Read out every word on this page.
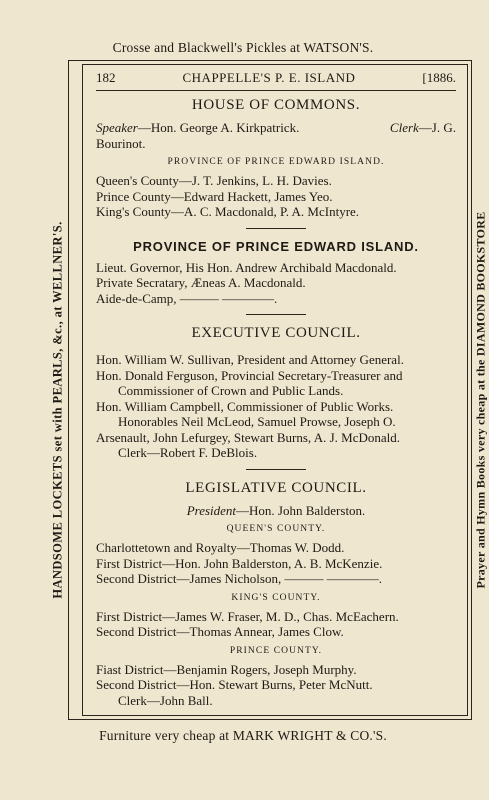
Crosse and Blackwell's Pickles at WATSON'S.
HANDSOME LOCKETS set with PEARLS, &c., at WELLNER'S.	Prayer and Hymn Books very cheap at the DIAMOND BOOKSTORE
182	CHAPPELLE'S P. E. ISLAND	[1886.
HOUSE OF COMMONS.
Speaker—Hon. George A. Kirkpatrick.	Clerk—J. G.
Bourinot.
PROVINCE OF PRINCE EDWARD ISLAND.
Queen's County—J. T. Jenkins, L. H. Davies.
Prince County—Edward Hackett, James Yeo.
King's County—A. C. Macdonald, P. A. McIntyre.
PROVINCE OF PRINCE EDWARD ISLAND.
Lieut. Governor, His Hon. Andrew Archibald Macdonald.
Private Secratary, Æneas A. Macdonald.
Aide-de-Camp, ——— ————.
EXECUTIVE COUNCIL.
Hon. William W. Sullivan, President and Attorney General.
Hon. Donald Ferguson, Provincial Secretary-Treasurer and
Commissioner of Crown and Public Lands.
Hon. William Campbell, Commissioner of Public Works.
Honorables Neil McLeod, Samuel Prowse, Joseph O.
Arsenault, John Lefurgey, Stewart Burns, A. J. McDonald.
Clerk—Robert F. DeBlois.
LEGISLATIVE COUNCIL.
President—Hon. John Balderston.
QUEEN'S COUNTY.
Charlottetown and Royalty—Thomas W. Dodd.
First District—Hon. John Balderston, A. B. McKenzie.
Second District—James Nicholson, ——— ————.
KING'S COUNTY.
First District—James W. Fraser, M. D., Chas. McEachern.
Second District—Thomas Annear, James Clow.
PRINCE COUNTY.
Fiast District—Benjamin Rogers, Joseph Murphy.
Second District—Hon. Stewart Burns, Peter McNutt.
Clerk—John Ball.
Furniture very cheap at MARK WRIGHT & CO.'S.
